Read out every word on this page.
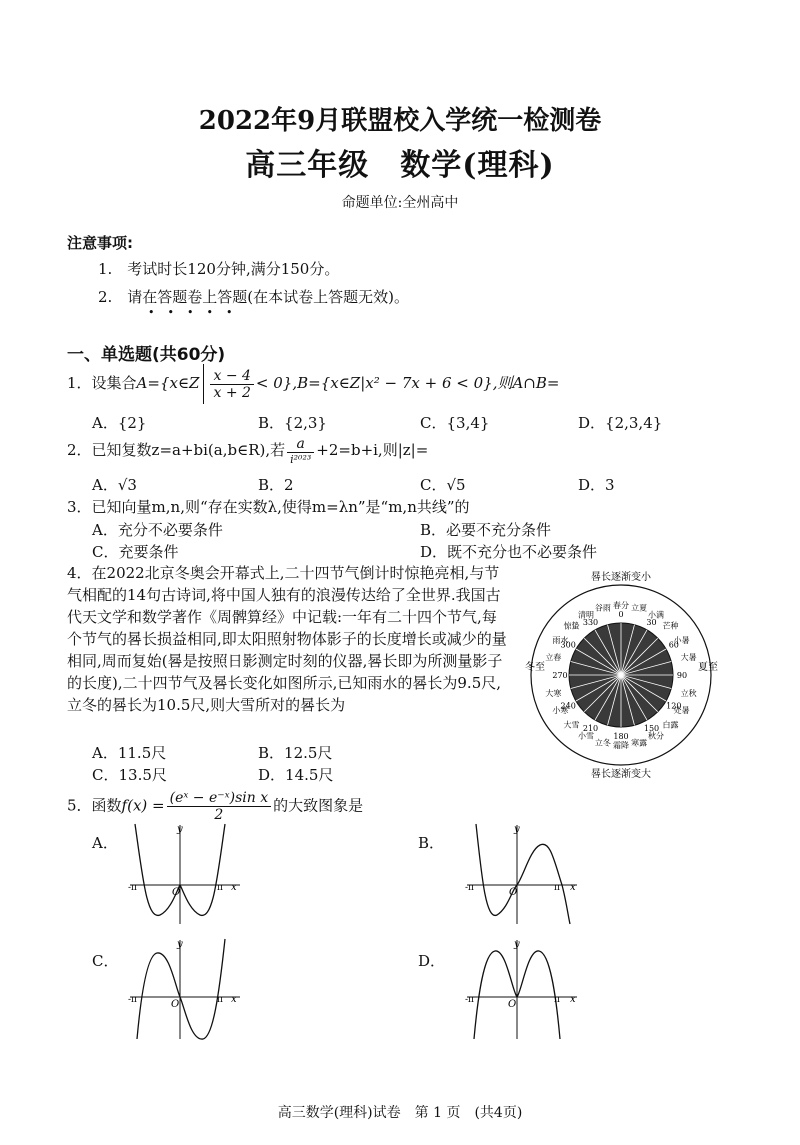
2022年9月联盟校入学统一检测卷
高三年级　数学(理科)
命题单位:全州高中
注意事项:
1.　考试时长120分钟,满分150分。
2.　请在答题卷上答题(在本试卷上答题无效)。
•••••
一、单选题(共60分)
1．设集合A={x∈Z $\frac{x - 4}{x + 2}$ < 0},B={x∈Z|x² − 7x + 6 < 0},则A∩B=
A．{2}	B．{2,3}	C．{3,4}	D．{2,3,4}
2．已知复数z=a+bi(a,b∈R),若 $\frac{a}{\text{i²⁰²³}} +2=b+i$,则|z|=
A．√3	B．2	C．√5	D．3
3．已知向量m,n,则“存在实数λ,使得m=λn”是“m,n共线”的
A．充分不必要条件	B．必要不充分条件
C．充要条件	D．既不充分也不必要条件
4．在2022北京冬奥会开幕式上,二十四节气倒计时惊艳亮相,与节气相配的14句古诗词,将中国人独有的浪漫传达给了全世界.我国古代天文学和数学著作《周髀算经》中记载:一年有二十四个节气,每个节气的晷长损益相同,即太阳照射物体影子的长度增长或减少的量相同,周而复始(晷是按照日影测定时刻的仪器,晷长即为所测量影子的长度),二十四节气及晷长变化如图所示,已知雨水的晷长为9.5尺,立冬的晷长为10.5尺,则大雪所对的晷长为
A．11.5尺	B．12.5尺
C．13.5尺	D．14.5尺
晷长逐渐变小
晷长逐渐变大
冬至	夏至
春分
谷雨
清明
惊蛰
雨水
立春
大寒
小寒
大雪
小雪
立冬 霜降 寒露
秋分
白露
处暑
立秋
大暑
小暑
芒种
小满
立夏
0
30
60
90
120
150
180
210
240
270
300
330
5．函数$f(x) = \frac{\text{(eˣ − e⁻ˣ)sin x}}{2}$ 的大致图象是
A．	B．
C．	D．
y
x
O
-π	π
y
x
O
-π	π
y
x
O
-π	π
y
x
O
-π	π
高三数学(理科)试卷　第 1 页　(共4页)
